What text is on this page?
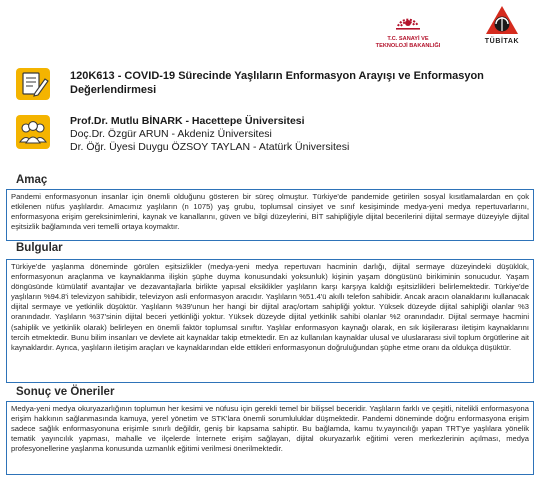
T.C. SANAYİ VE
TEKNOLOJİ BAKANLIĞI
TÜBİTAK
120K613 - COVID-19 Sürecinde Yaşlıların Enformasyon Arayışı ve Enformasyon Değerlendirmesi
Prof.Dr. Mutlu BİNARK - Hacettepe Üniversitesi
Doç.Dr. Özgür ARUN - Akdeniz Üniversitesi
Dr. Öğr. Üyesi Duygu ÖZSOY TAYLAN - Atatürk Üniversitesi
Amaç

Pandemi enformasyonun insanlar için önemli olduğunu gösteren bir süreç olmuştur. Türkiye'de pandemide getirilen sosyal kısıtlamalardan en çok etkilenen nüfus yaşlılardır. Amacımız yaşlıların (n 1075) yaş grubu, toplumsal cinsiyet ve sınıf kesişiminde medya-yeni medya repertuvarlarını, enformasyona erişim gereksinimlerini, kaynak ve kanallarını, güven ve bilgi düzeylerini, BİT sahipliğiyle dijital becerilerini dijital sermaye düzeyiyle dijital eşitsizlik bağlamında veri temelli ortaya koymaktır.

Bulgular

Türkiye'de yaşlanma döneminde görülen eşitsizlikler (medya-yeni medya repertuvarı hacminin darlığı, dijital sermaye düzeyindeki düşüklük, enformasyonun araçlanma ve kaynaklanma ilişkin şüphe duyma konusundaki yoksunluk) kişinin yaşam döngüsünü birikiminin sonucudur. Yaşam döngüsünde kümülatif avantajlar ve dezavantajlarla birlikte yapısal eksiklikler yaşlıların karşı karşıya kaldığı eşitsizlikleri belirlemektedir. Türkiye'de yaşlıların %94.8'i televizyon sahibidir, televizyon asli enformasyon aracıdır. Yaşlıların %51.4'ü akıllı telefon sahibidir. Ancak aracın olanaklarını kullanacak dijital sermaye ve yetkinlik düşüktür. Yaşlıların %39'unun her hangi bir dijital araç/ortam sahipliği yoktur. Yüksek düzeyde dijital sahipliği olanlar %3 oranındadır. Yaşlıların %37'sinin dijital beceri yetkinliği yoktur. Yüksek düzeyde dijital yetkinlik sahibi olanlar %2 oranındadır. Dijital sermaye hacmini (sahiplik ve yetkinlik olarak) belirleyen en önemli faktör toplumsal sınıftır. Yaşlılar enformasyon kaynağı olarak, en sık kişilerarası iletişim kaynaklarını tercih etmektedir. Bunu bilim insanları ve devlete ait kaynaklar takip etmektedir. En az kullanılan kaynaklar ulusal ve uluslararası sivil toplum örgütlerine ait kaynaklardır. Ayrıca, yaşlıların iletişim araçları ve kaynaklarından elde ettikleri enformasyonun doğruluğundan şüphe etme oranı da oldukça düşüktür.

Sonuç ve Öneriler

Medya-yeni medya okuryazarlığının toplumun her kesimi ve nüfusu için gerekli temel bir bilişsel beceridir. Yaşlıların farklı ve çeşitli, nitelikli enformasyona erişim hakkının sağlanmasında kamuya, yerel yönetim ve STK'lara önemli sorumluluklar düşmektedir. Pandemi döneminde doğru enformasyona erişim sadece sağlık enformasyonuna erişimle sınırlı değildir, geniş bir kapsama sahiptir. Bu bağlamda, kamu tv.yayıncılığı yapan TRT'ye yaşlılara yönelik tematik yayıncılık yapması, mahalle ve ilçelerde İnternete erişim sağlayan, dijital okuryazarlık eğitimi veren merkezlerinin açılması, medya profesyonellerine yaşlanma konusunda uzmanlık eğitimi verilmesi önerilmektedir.
